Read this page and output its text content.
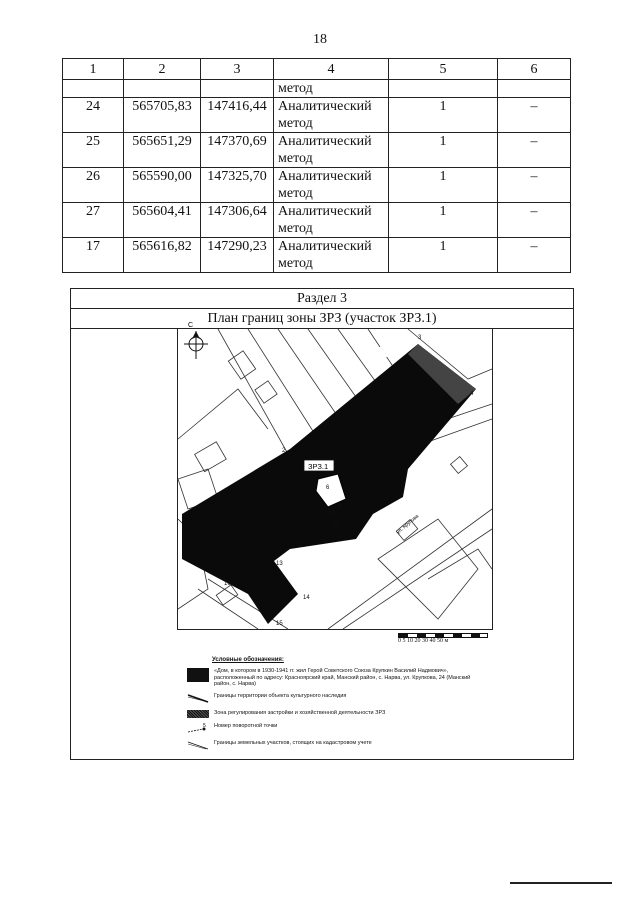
18
1	2	3	4	5	6
			метод		
24	565705,83	147416,44	Аналитический метод	1	–
25	565651,29	147370,69	Аналитический метод	1	–
26	565590,00	147325,70	Аналитический метод	1	–
27	565604,41	147306,64	Аналитический метод	1	–
17	565616,82	147290,23	Аналитический метод	1	–
Раздел 3
План границ зоны ЗРЗ (участок ЗРЗ.1)
С
ЗРЗ.1
ул. Крупова
1
2
3
4
5
6
10
11
12
13
14
15
16
0 5 10 20 30 40 50 м
Условные обозначения:
«Дом, в котором в 1930-1941 гг. жил Герой Советского Союза Крупкин Василий Надмович», расположенный по адресу: Красноярский край, Манский район, с. Нарва, ул. Крупкова, 24 (Манский район, с. Нарва)
Границы территории объекта культурного наследия
Зона регулирования застройки и хозяйственной деятельности ЗРЗ
5 Номер поворотной точки
Границы земельных участков, стоящих на кадастровом учете
